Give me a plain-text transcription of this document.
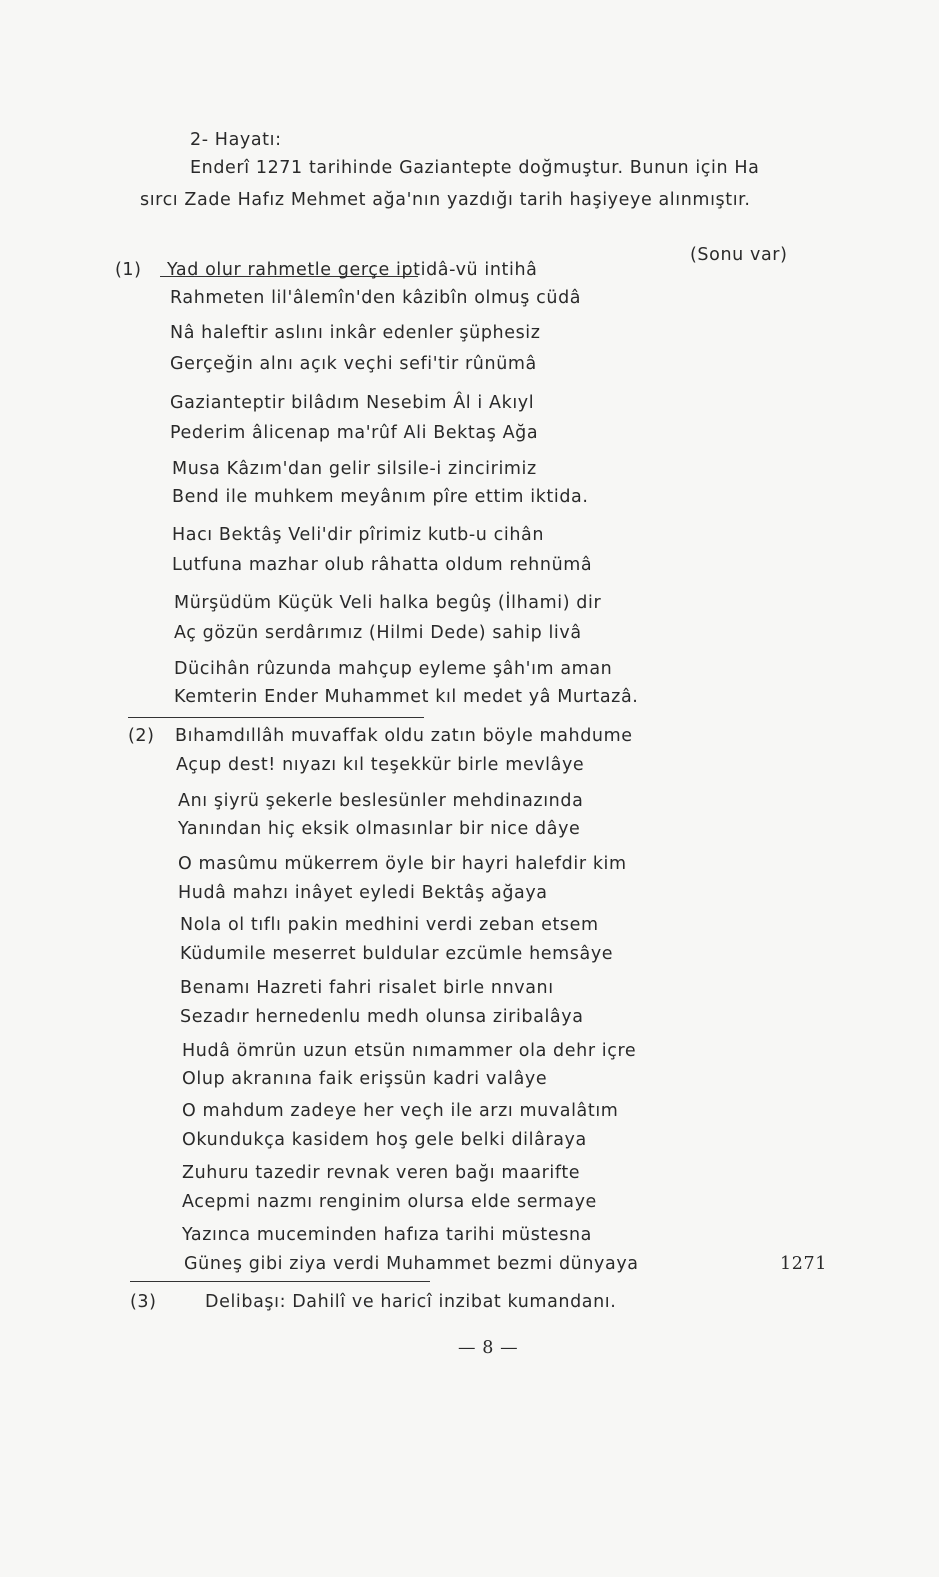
2- Hayatı:
Enderî 1271 tarihinde Gaziantepte doğmuştur. Bunun için Ha
sırcı Zade Hafız Mehmet ağa'nın yazdığı tarih haşiyeye alınmıştır.
(Sonu var)
(1) Yad olur rahmetle gerçe iptidâ-vü intihâ
Rahmeten lil'âlemîn'den kâzibîn olmuş cüdâ
Nâ haleftir aslını inkâr edenler şüphesiz
Gerçeğin alnı açık veçhi sefi'tir rûnümâ
Gazianteptir bilâdım Nesebim Âl i Akıyl
Pederim âlicenap ma'rûf Ali Bektaş Ağa
Musa Kâzım'dan gelir silsile-i zincirimiz
Bend ile muhkem meyânım pîre ettim iktida.
Hacı Bektâş Veli'dir pîrimiz kutb-u cihân
Lutfuna mazhar olub râhatta oldum rehnümâ
Mürşüdüm Küçük Veli halka begûş (İlhami) dir
Aç gözün serdârımız (Hilmi Dede) sahip livâ
Dücihân rûzunda mahçup eyleme şâh'ım aman
Kemterin Ender Muhammet kıl medet yâ Murtazâ.
(2) Bıhamdıllâh muvaffak oldu zatın böyle mahdume
Açup dest! nıyazı kıl teşekkür birle mevlâye
Anı şiyrü şekerle beslesünler mehdinazında
Yanından hiç eksik olmasınlar bir nice dâye
O masûmu mükerrem öyle bir hayri halefdir kim
Hudâ mahzı inâyet eyledi Bektâş ağaya
Nola ol tıflı pakin medhini verdi zeban etsem
Küdumile meserret buldular ezcümle hemsâye
Benamı Hazreti fahri risalet birle nnvanı
Sezadır hernedenlu medh olunsa ziribalâya
Hudâ ömrün uzun etsün nımammer ola dehr içre
Olup akranına faik erişsün kadri valâye
O mahdum zadeye her veçh ile arzı muvalâtım
Okundukça kasidem hoş gele belki dilâraya
Zuhuru tazedir revnak veren bağı maarifte
Acepmi nazmı renginim olursa elde sermaye
Yazınca muceminden hafıza tarihi müstesna
Güneş gibi ziya verdi Muhammet bezmi dünyaya	1271
(3)	Delibaşı: Dahilî ve haricî inzibat kumandanı.
— 8 —
